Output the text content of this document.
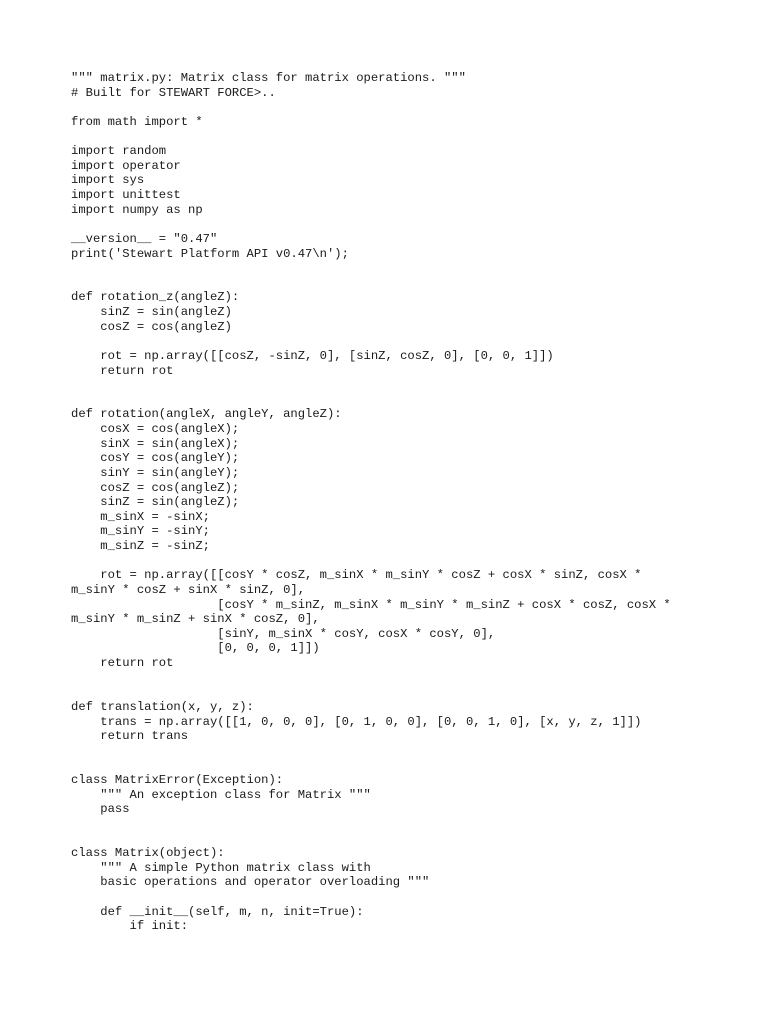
""" matrix.py: Matrix class for matrix operations. """
# Built for STEWART FORCE>..
from math import *
import random
import operator
import sys
import unittest
import numpy as np
__version__ = "0.47"
print('Stewart Platform API v0.47\n');
def rotation_z(angleZ):
sinZ = sin(angleZ)
cosZ = cos(angleZ)
rot = np.array([[cosZ, -sinZ, 0], [sinZ, cosZ, 0], [0, 0, 1]])
return rot
def rotation(angleX, angleY, angleZ):
cosX = cos(angleX);
sinX = sin(angleX);
cosY = cos(angleY);
sinY = sin(angleY);
cosZ = cos(angleZ);
sinZ = sin(angleZ);
m_sinX = -sinX;
m_sinY = -sinY;
m_sinZ = -sinZ;
rot = np.array([[cosY * cosZ, m_sinX * m_sinY * cosZ + cosX * sinZ, cosX *
m_sinY * cosZ + sinX * sinZ, 0],
[cosY * m_sinZ, m_sinX * m_sinY * m_sinZ + cosX * cosZ, cosX *
m_sinY * m_sinZ + sinX * cosZ, 0],
[sinY, m_sinX * cosY, cosX * cosY, 0],
[0, 0, 0, 1]])
return rot
def translation(x, y, z):
trans = np.array([[1, 0, 0, 0], [0, 1, 0, 0], [0, 0, 1, 0], [x, y, z, 1]])
return trans
class MatrixError(Exception):
""" An exception class for Matrix """
pass
class Matrix(object):
""" A simple Python matrix class with
basic operations and operator overloading """
def __init__(self, m, n, init=True):
if init:
